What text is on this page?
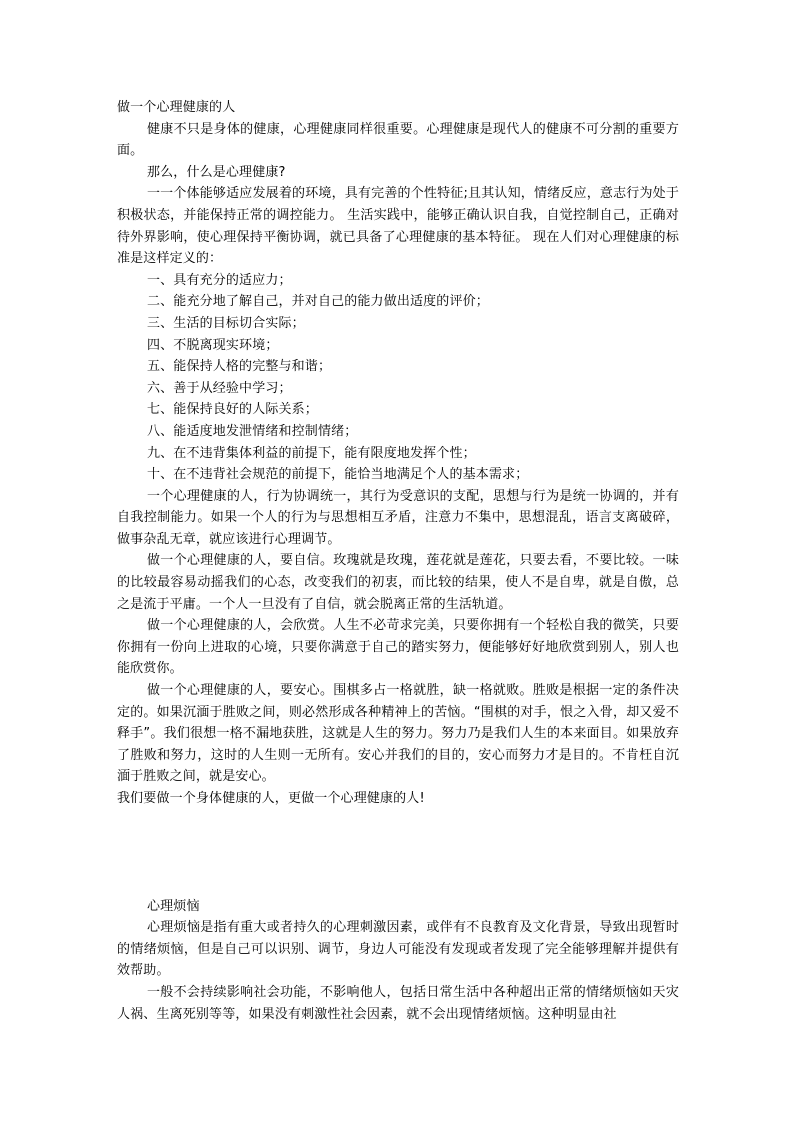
做一个心理健康的人

健康不只是身体的健康，心理健康同样很重要。心理健康是现代人的健康不可分割的重要方面。

那么，什么是心理健康?

一一个体能够适应发展着的环境，具有完善的个性特征;且其认知，情绪反应，意志行为处于积极状态，并能保持正常的调控能力。 生活实践中，能够正确认识自我，自觉控制自己，正确对待外界影响，使心理保持平衡协调，就已具备了心理健康的基本特征。 现在人们对心理健康的标准是这样定义的：

一、具有充分的适应力；
二、能充分地了解自己，并对自己的能力做出适度的评价；
三、生活的目标切合实际；
四、不脱离现实环境；
五、能保持人格的完整与和谐；
六、善于从经验中学习；
七、能保持良好的人际关系；
八、能适度地发泄情绪和控制情绪；
九、在不违背集体利益的前提下，能有限度地发挥个性；
十、在不违背社会规范的前提下，能恰当地满足个人的基本需求；

一个心理健康的人，行为协调统一，其行为受意识的支配，思想与行为是统一协调的，并有自我控制能力。如果一个人的行为与思想相互矛盾，注意力不集中，思想混乱，语言支离破碎，做事杂乱无章，就应该进行心理调节。

做一个心理健康的人，要自信。玫瑰就是玫瑰，莲花就是莲花，只要去看，不要比较。一味的比较最容易动摇我们的心态，改变我们的初衷，而比较的结果，使人不是自卑，就是自傲，总之是流于平庸。一个人一旦没有了自信，就会脱离正常的生活轨道。

做一个心理健康的人，会欣赏。人生不必苛求完美，只要你拥有一个轻松自我的微笑，只要你拥有一份向上进取的心境，只要你满意于自己的踏实努力，便能够好好地欣赏到别人，别人也能欣赏你。

做一个心理健康的人，要安心。围棋多占一格就胜，缺一格就败。胜败是根据一定的条件决定的。如果沉湎于胜败之间，则必然形成各种精神上的苦恼。“围棋的对手，恨之入骨，却又爱不释手”。我们很想一格不漏地获胜，这就是人生的努力。努力乃是我们人生的本来面目。如果放弃了胜败和努力，这时的人生则一无所有。安心并我们的目的，安心而努力才是目的。不肯枉自沉湎于胜败之间，就是安心。

我们要做一个身体健康的人，更做一个心理健康的人!

心理烦恼

心理烦恼是指有重大或者持久的心理刺激因素，或伴有不良教育及文化背景，导致出现暂时的情绪烦恼，但是自己可以识别、调节，身边人可能没有发现或者发现了完全能够理解并提供有效帮助。

一般不会持续影响社会功能，不影响他人，包括日常生活中各种超出正常的情绪烦恼如天灾人祸、生离死别等等，如果没有刺激性社会因素，就不会出现情绪烦恼。这种明显由社
